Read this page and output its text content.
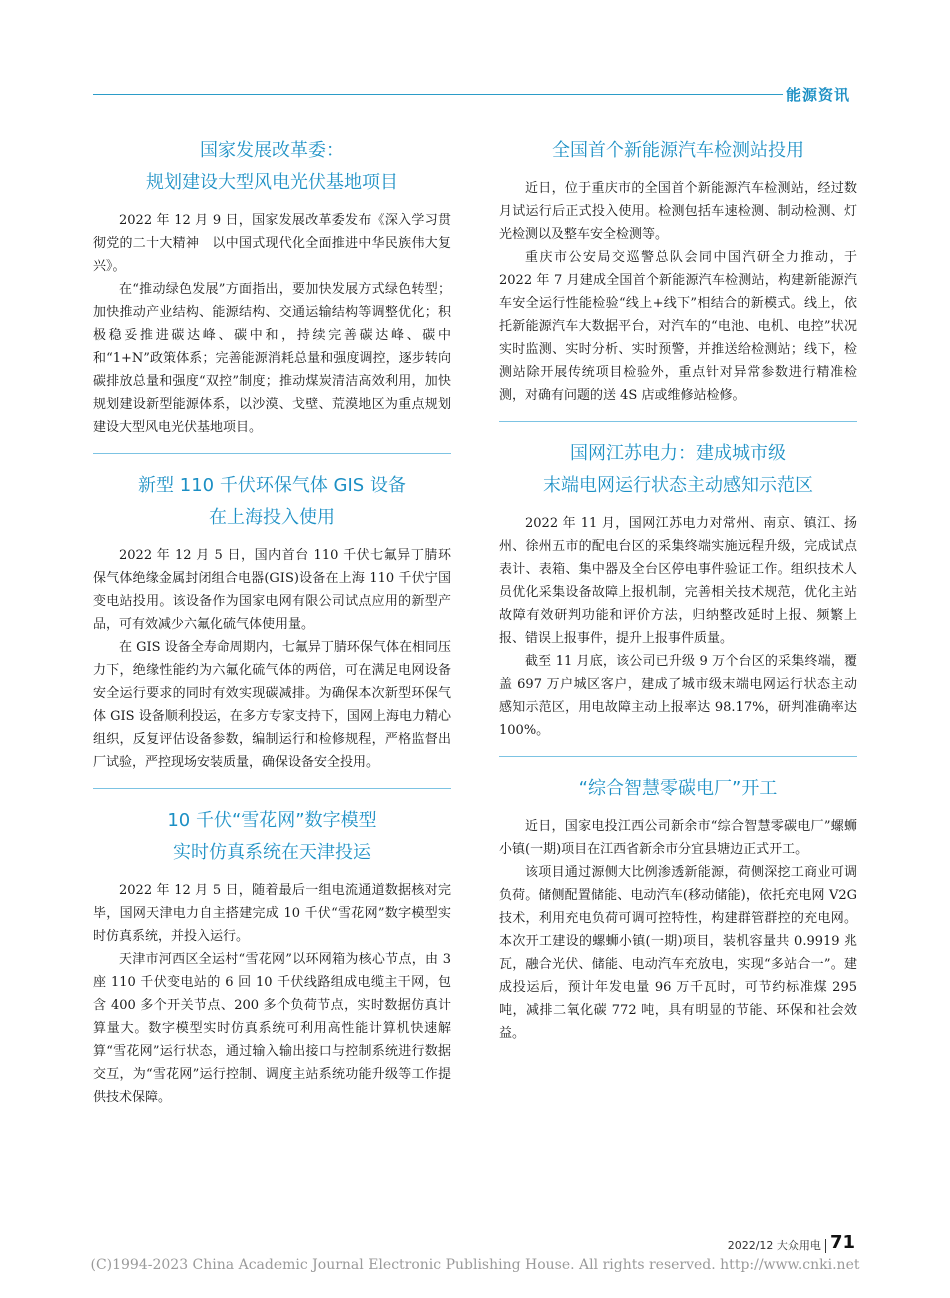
能源资讯
国家发展改革委：
规划建设大型风电光伏基地项目

2022 年 12 月 9 日，国家发展改革委发布《深入学习贯彻党的二十大精神　以中国式现代化全面推进中华民族伟大复兴》。

在“推动绿色发展”方面指出，要加快发展方式绿色转型；加快推动产业结构、能源结构、交通运输结构等调整优化；积极稳妥推进碳达峰、碳中和，持续完善碳达峰、碳中和“1+N”政策体系；完善能源消耗总量和强度调控，逐步转向碳排放总量和强度“双控”制度；推动煤炭清洁高效利用，加快规划建设新型能源体系，以沙漠、戈壁、荒漠地区为重点规划建设大型风电光伏基地项目。

新型 110 千伏环保气体 GIS 设备
在上海投入使用

2022 年 12 月 5 日，国内首台 110 千伏七氟异丁腈环保气体绝缘金属封闭组合电器(GIS)设备在上海 110 千伏宁国变电站投用。该设备作为国家电网有限公司试点应用的新型产品，可有效减少六氟化硫气体使用量。

在 GIS 设备全寿命周期内，七氟异丁腈环保气体在相同压力下，绝缘性能约为六氟化硫气体的两倍，可在满足电网设备安全运行要求的同时有效实现碳减排。为确保本次新型环保气体 GIS 设备顺利投运，在多方专家支持下，国网上海电力精心组织，反复评估设备参数，编制运行和检修规程，严格监督出厂试验，严控现场安装质量，确保设备安全投用。

10 千伏“雪花网”数字模型
实时仿真系统在天津投运

2022 年 12 月 5 日，随着最后一组电流通道数据核对完毕，国网天津电力自主搭建完成 10 千伏“雪花网”数字模型实时仿真系统，并投入运行。

天津市河西区全运村“雪花网”以环网箱为核心节点，由 3 座 110 千伏变电站的 6 回 10 千伏线路组成电缆主干网，包含 400 多个开关节点、200 多个负荷节点，实时数据仿真计算量大。数字模型实时仿真系统可利用高性能计算机快速解算“雪花网”运行状态，通过输入输出接口与控制系统进行数据交互，为“雪花网”运行控制、调度主站系统功能升级等工作提供技术保障。

全国首个新能源汽车检测站投用

近日，位于重庆市的全国首个新能源汽车检测站，经过数月试运行后正式投入使用。检测包括车速检测、制动检测、灯光检测以及整车安全检测等。

重庆市公安局交巡警总队会同中国汽研全力推动，于 2022 年 7 月建成全国首个新能源汽车检测站，构建新能源汽车安全运行性能检验“线上+线下”相结合的新模式。线上，依托新能源汽车大数据平台，对汽车的“电池、电机、电控”状况实时监测、实时分析、实时预警，并推送给检测站；线下，检测站除开展传统项目检验外，重点针对异常参数进行精准检测，对确有问题的送 4S 店或维修站检修。

国网江苏电力：建成城市级
末端电网运行状态主动感知示范区

2022 年 11 月，国网江苏电力对常州、南京、镇江、扬州、徐州五市的配电台区的采集终端实施远程升级，完成试点表计、表箱、集中器及全台区停电事件验证工作。组织技术人员优化采集设备故障上报机制，完善相关技术规范，优化主站故障有效研判功能和评价方法，归纳整改延时上报、频繁上报、错误上报事件，提升上报事件质量。

截至 11 月底，该公司已升级 9 万个台区的采集终端，覆盖 697 万户城区客户，建成了城市级末端电网运行状态主动感知示范区，用电故障主动上报率达 98.17%，研判准确率达 100%。

“综合智慧零碳电厂”开工

近日，国家电投江西公司新余市“综合智慧零碳电厂”螺蛳小镇(一期)项目在江西省新余市分宜县塘边正式开工。

该项目通过源侧大比例渗透新能源，荷侧深挖工商业可调负荷。储侧配置储能、电动汽车(移动储能)，依托充电网 V2G 技术，利用充电负荷可调可控特性，构建群管群控的充电网。本次开工建设的螺蛳小镇(一期)项目，装机容量共 0.9919 兆瓦，融合光伏、储能、电动汽车充放电，实现“多站合一”。建成投运后，预计年发电量 96 万千瓦时，可节约标准煤 295 吨，减排二氧化碳 772 吨，具有明显的节能、环保和社会效益。

2022/12 大众用电 71
(C)1994-2023 China Academic Journal Electronic Publishing House. All rights reserved. http://www.cnki.net
